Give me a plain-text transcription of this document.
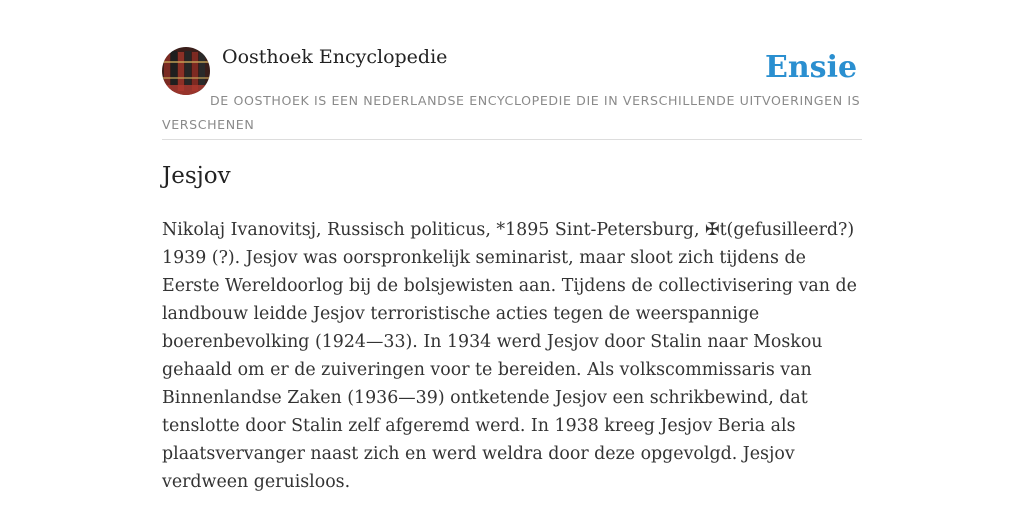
Oosthoek Encyclopedie	Ensie
DE OOSTHOEK IS EEN NEDERLANDSE ENCYCLOPEDIE DIE IN VERSCHILLENDE UITVOERINGEN IS VERSCHENEN
Jesjov

Nikolaj Ivanovitsj, Russisch politicus, *1895 Sint-Petersburg, ✠t(gefusilleerd?) 1939 (?). Jesjov was oorspronkelijk seminarist, maar sloot zich tijdens de Eerste Wereldoorlog bij de bolsjewisten aan. Tijdens de collectivisering van de landbouw leidde Jesjov terroristische acties tegen de weerspannige boerenbevolking (1924—33). In 1934 werd Jesjov door Stalin naar Moskou gehaald om er de zuiveringen voor te bereiden. Als volkscommissaris van Binnenlandse Zaken (1936—39) ontketende Jesjov een schrikbewind, dat tenslotte door Stalin zelf afgeremd werd. In 1938 kreeg Jesjov Beria als plaatsvervanger naast zich en werd weldra door deze opgevolgd. Jesjov verdween geruisloos.
